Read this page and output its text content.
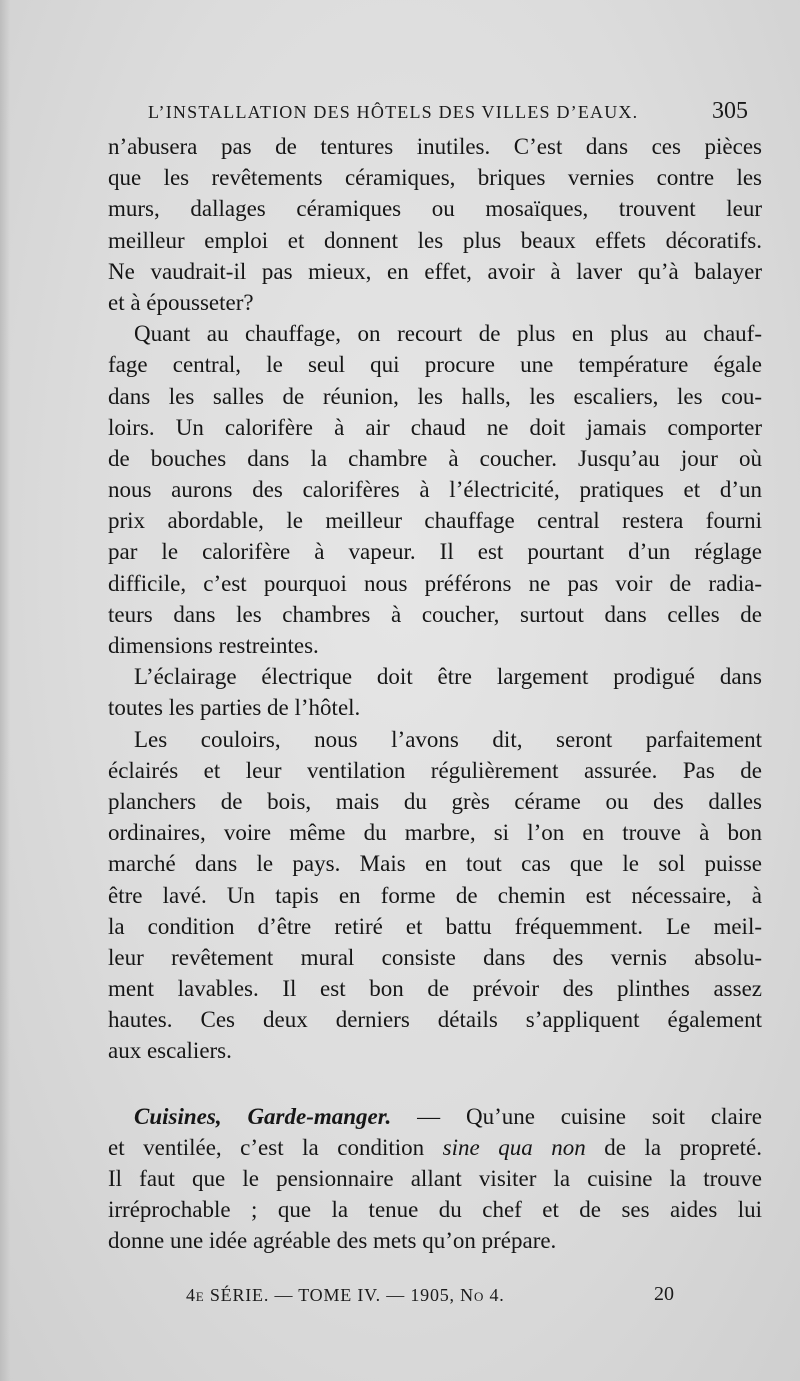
L’INSTALLATION DES HÔTELS DES VILLES D’EAUX.	305
n’abusera pas de tentures inutiles. C’est dans ces pièces
que les revêtements céramiques, briques vernies contre les
murs, dallages céramiques ou mosaïques, trouvent leur
meilleur emploi et donnent les plus beaux effets décoratifs.
Ne vaudrait-il pas mieux, en effet, avoir à laver qu’à balayer
et à épousseter?
Quant au chauffage, on recourt de plus en plus au chauf-
fage central, le seul qui procure une température égale
dans les salles de réunion, les halls, les escaliers, les cou-
loirs. Un calorifère à air chaud ne doit jamais comporter
de bouches dans la chambre à coucher. Jusqu’au jour où
nous aurons des calorifères à l’électricité, pratiques et d’un
prix abordable, le meilleur chauffage central restera fourni
par le calorifère à vapeur. Il est pourtant d’un réglage
difficile, c’est pourquoi nous préférons ne pas voir de radia-
teurs dans les chambres à coucher, surtout dans celles de
dimensions restreintes.
L’éclairage électrique doit être largement prodigué dans
toutes les parties de l’hôtel.
Les couloirs, nous l’avons dit, seront parfaitement
éclairés et leur ventilation régulièrement assurée. Pas de
planchers de bois, mais du grès cérame ou des dalles
ordinaires, voire même du marbre, si l’on en trouve à bon
marché dans le pays. Mais en tout cas que le sol puisse
être lavé. Un tapis en forme de chemin est nécessaire, à
la condition d’être retiré et battu fréquemment. Le meil-
leur revêtement mural consiste dans des vernis absolu-
ment lavables. Il est bon de prévoir des plinthes assez
hautes. Ces deux derniers détails s’appliquent également
aux escaliers.
Cuisines, Garde-manger. — Qu’une cuisine soit claire
et ventilée, c’est la condition sine qua non de la propreté.
Il faut que le pensionnaire allant visiter la cuisine la trouve
irréprochable ; que la tenue du chef et de ses aides lui
donne une idée agréable des mets qu’on prépare.
4e SÉRIE. — TOME IV. — 1905, No 4.	20
